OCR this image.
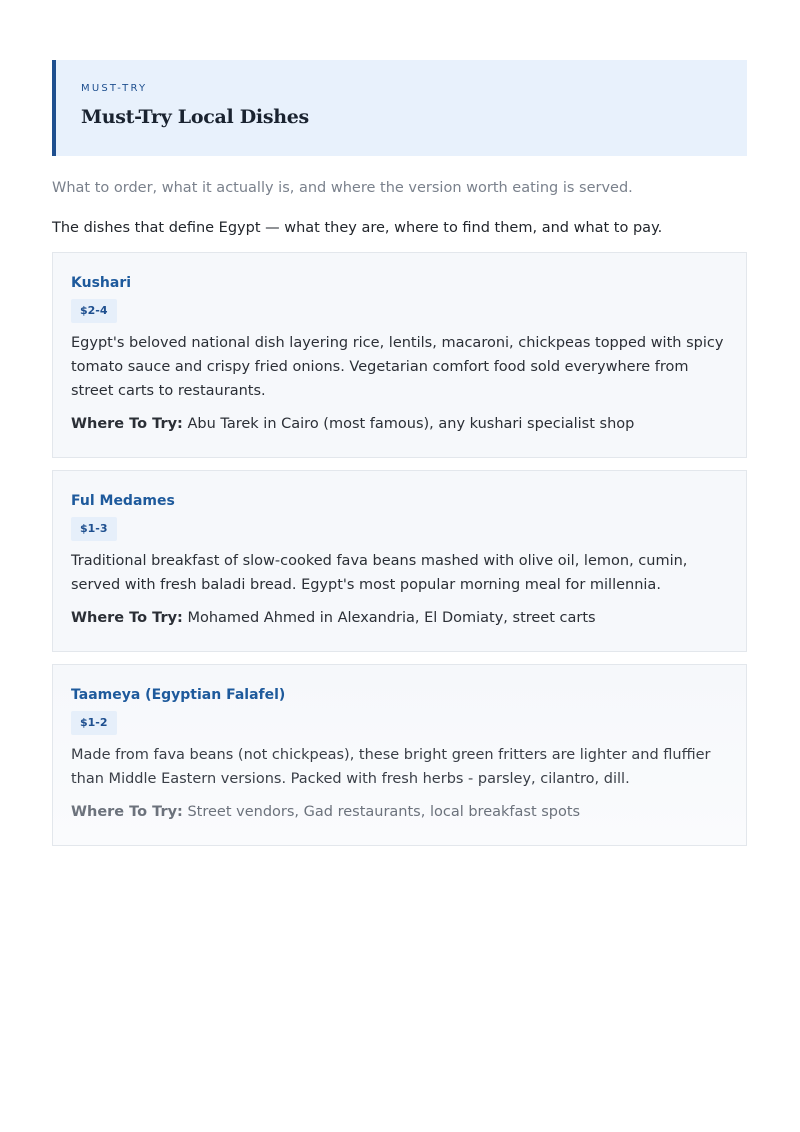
MUST-TRY
Must-Try Local Dishes
What to order, what it actually is, and where the version worth eating is served.
The dishes that define Egypt — what they are, where to find them, and what to pay.
Kushari
$2-4
Egypt's beloved national dish layering rice, lentils, macaroni, chickpeas topped with spicy tomato sauce and crispy fried onions. Vegetarian comfort food sold everywhere from street carts to restaurants.
Where To Try: Abu Tarek in Cairo (most famous), any kushari specialist shop
Ful Medames
$1-3
Traditional breakfast of slow-cooked fava beans mashed with olive oil, lemon, cumin, served with fresh baladi bread. Egypt's most popular morning meal for millennia.
Where To Try: Mohamed Ahmed in Alexandria, El Domiaty, street carts
Taameya (Egyptian Falafel)
$1-2
Made from fava beans (not chickpeas), these bright green fritters are lighter and fluffier than Middle Eastern versions. Packed with fresh herbs - parsley, cilantro, dill.
Where To Try: Street vendors, Gad restaurants, local breakfast spots
